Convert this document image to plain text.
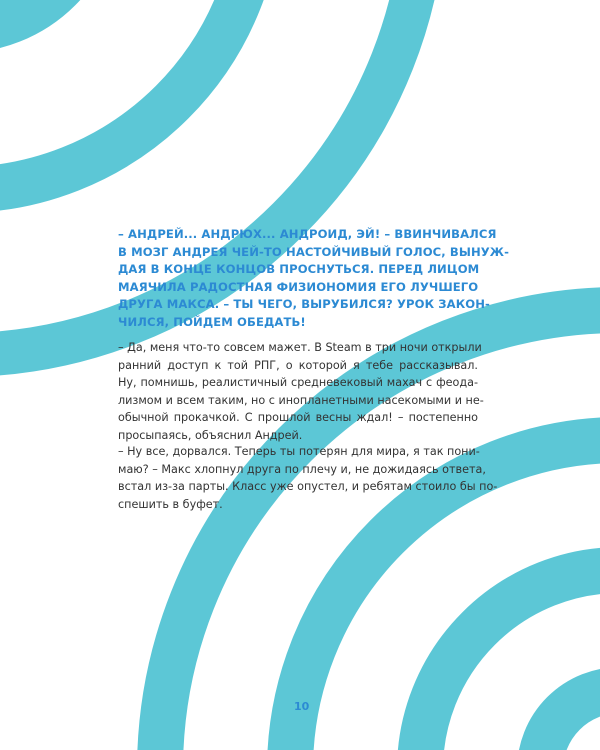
– АНДРЕЙ... АНДРЮХ... АНДРОИД, ЭЙ! – ВВИНЧИВАЛСЯ
В МОЗГ АНДРЕЯ ЧЕЙ-ТО НАСТОЙЧИВЫЙ ГОЛОС, ВЫНУЖ-
ДАЯ В КОНЦЕ КОНЦОВ ПРОСНУТЬСЯ. ПЕРЕД ЛИЦОМ
МАЯЧИЛА РАДОСТНАЯ ФИЗИОНОМИЯ ЕГО ЛУЧШЕГО
ДРУГА МАКСА. – ТЫ ЧЕГО, ВЫРУБИЛСЯ? УРОК ЗАКОН-
ЧИЛСЯ, ПОЙДЕМ ОБЕДАТЬ!

– Да, меня что-то совсем мажет. В Steam в три ночи открыли
ранний доступ к той РПГ, о которой я тебе рассказывал.
Ну, помнишь, реалистичный средневековый махач с феода-
лизмом и всем таким, но с инопланетными насекомыми и не-
обычной прокачкой. С прошлой весны ждал! – постепенно
просыпаясь, объяснил Андрей.

– Ну все, дорвался. Теперь ты потерян для мира, я так пони-
маю? – Макс хлопнул друга по плечу и, не дожидаясь ответа,
встал из-за парты. Класс уже опустел, и ребятам стоило бы по-
спешить в буфет.

10
